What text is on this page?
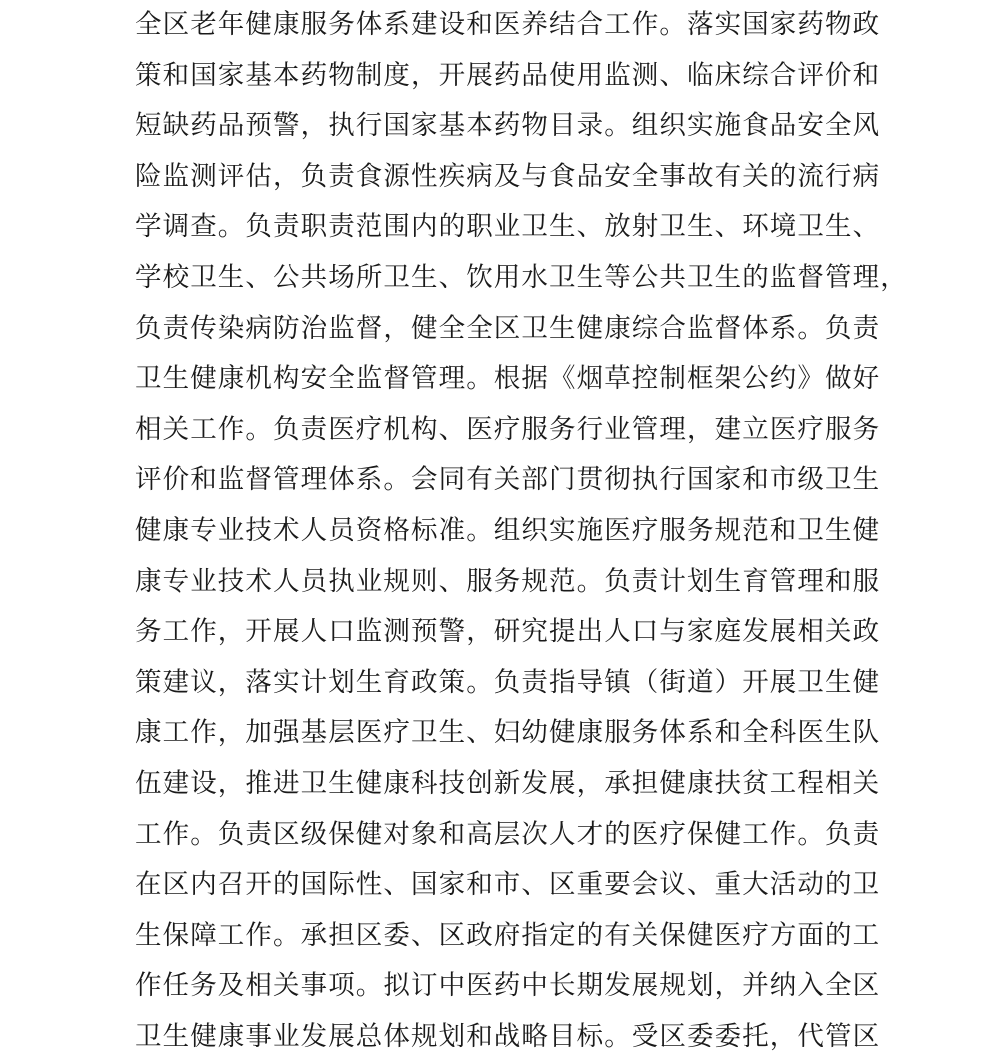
全区老年健康服务体系建设和医养结合工作。落实国家药物政
策和国家基本药物制度，开展药品使用监测、临床综合评价和
短缺药品预警，执行国家基本药物目录。组织实施食品安全风
险监测评估，负责食源性疾病及与食品安全事故有关的流行病
学调查。负责职责范围内的职业卫生、放射卫生、环境卫生、
学校卫生、公共场所卫生、饮用水卫生等公共卫生的监督管理，
负责传染病防治监督，健全全区卫生健康综合监督体系。负责
卫生健康机构安全监督管理。根据《烟草控制框架公约》做好
相关工作。负责医疗机构、医疗服务行业管理，建立医疗服务
评价和监督管理体系。会同有关部门贯彻执行国家和市级卫生
健康专业技术人员资格标准。组织实施医疗服务规范和卫生健
康专业技术人员执业规则、服务规范。负责计划生育管理和服
务工作，开展人口监测预警，研究提出人口与家庭发展相关政
策建议，落实计划生育政策。负责指导镇（街道）开展卫生健
康工作，加强基层医疗卫生、妇幼健康服务体系和全科医生队
伍建设，推进卫生健康科技创新发展，承担健康扶贫工程相关
工作。负责区级保健对象和高层次人才的医疗保健工作。负责
在区内召开的国际性、国家和市、区重要会议、重大活动的卫
生保障工作。承担区委、区政府指定的有关保健医疗方面的工
作任务及相关事项。拟订中医药中长期发展规划，并纳入全区
卫生健康事业发展总体规划和战略目标。受区委委托，代管区
